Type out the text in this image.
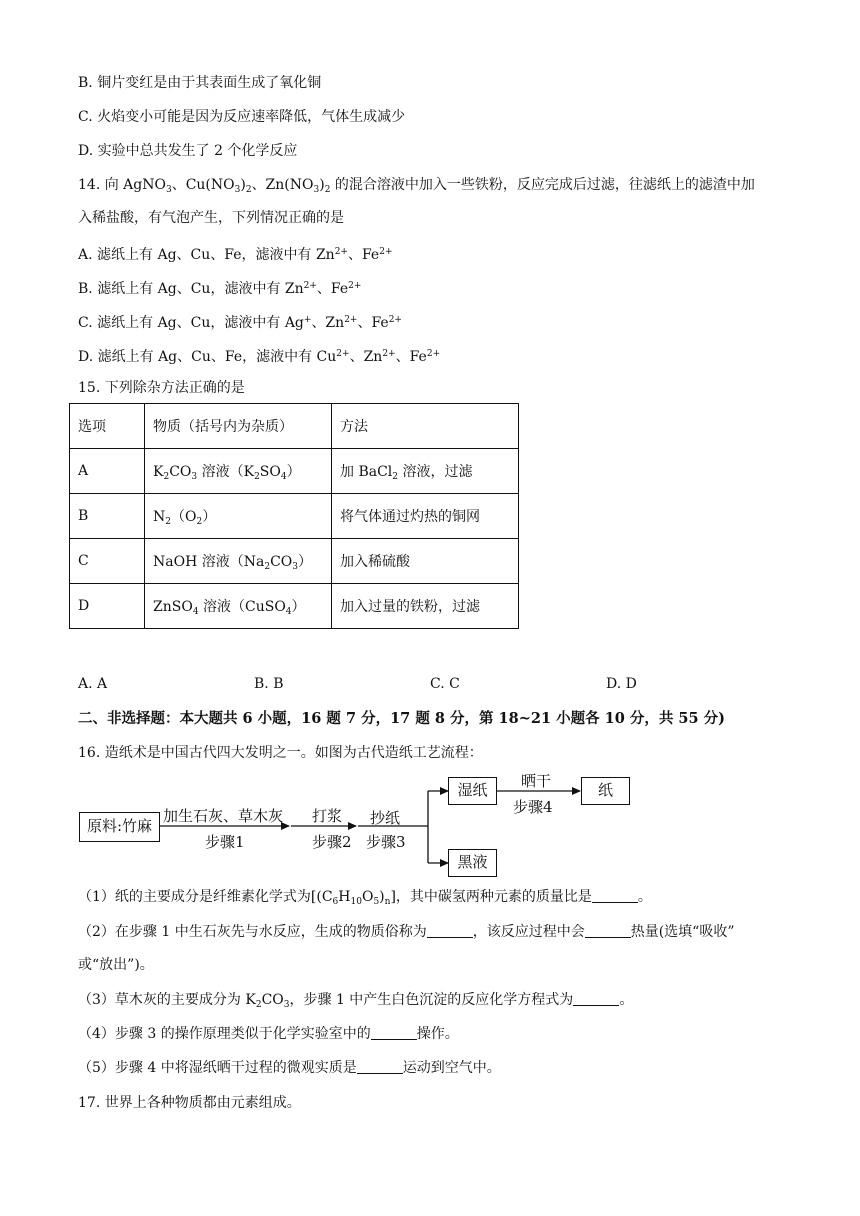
B. 铜片变红是由于其表面生成了氧化铜
C. 火焰变小可能是因为反应速率降低，气体生成减少
D. 实验中总共发生了 2 个化学反应
14. 向 AgNO$_3$、$Cu(NO_3)_2$、$Zn(NO_3)_2$ 的混合溶液中加入一些铁粉，反应完成后过滤，往滤纸上的滤渣中加
入稀盐酸，有气泡产生，下列情况正确的是
A. 滤纸上有 Ag、Cu、Fe，滤液中有 $Zn^{2+}$、$Fe^{2+}$
B. 滤纸上有 Ag、Cu，滤液中有 $Zn^{2+}$、$Fe^{2+}$
C. 滤纸上有 Ag、Cu，滤液中有 Ag+、$Zn^{2+}$、$Fe^{2+}$
D. 滤纸上有 Ag、Cu、Fe，滤液中有 $Cu^{2+}$、$Zn^{2+}$、$Fe^{2+}$
15. 下列除杂方法正确的是
选项	物质（括号内为杂质）	方法
A	$K_2CO_3$ 溶液$(K_2SO_4)$	加 BaCl$_2$ 溶液，过滤
B	$N_2(O_2)$	将气体通过灼热的铜网
C	NaOH 溶液$(Na_2CO_3)$	加入稀硫酸
D	ZnSO$_4$ 溶液（CuSO$_4$）	加入过量的铁粉，过滤
A. A	B. B	C. C	D. D
二、非选择题：本大题共 6 小题，16 题 7 分，17 题 8 分，第 18~21 小题各 10 分，共 55 分)
16. 造纸术是中国古代四大发明之一。如图为古代造纸工艺流程：
原料:竹麻
加生石灰、草木灰
步骤1
打浆
步骤2
抄纸
步骤3
湿纸	晒干
步骤4
纸
黑液
（1）纸的主要成分是纤维素化学式为$[(C_6H_{10}O_5)_n]$，其中碳氢两种元素的质量比是	。
（2）在步骤 1 中生石灰先与水反应，生成的物质俗称为	，该反应过程中会	热量(选填“吸收”
或“放出”)。
（3）草木灰的主要成分为 $K_2CO_3$，步骤 1 中产生白色沉淀的反应化学方程式为	。
（4）步骤 3 的操作原理类似于化学实验室中的	操作。
（5）步骤 4 中将湿纸晒干过程的微观实质是	运动到空气中。
17. 世界上各种物质都由元素组成。
